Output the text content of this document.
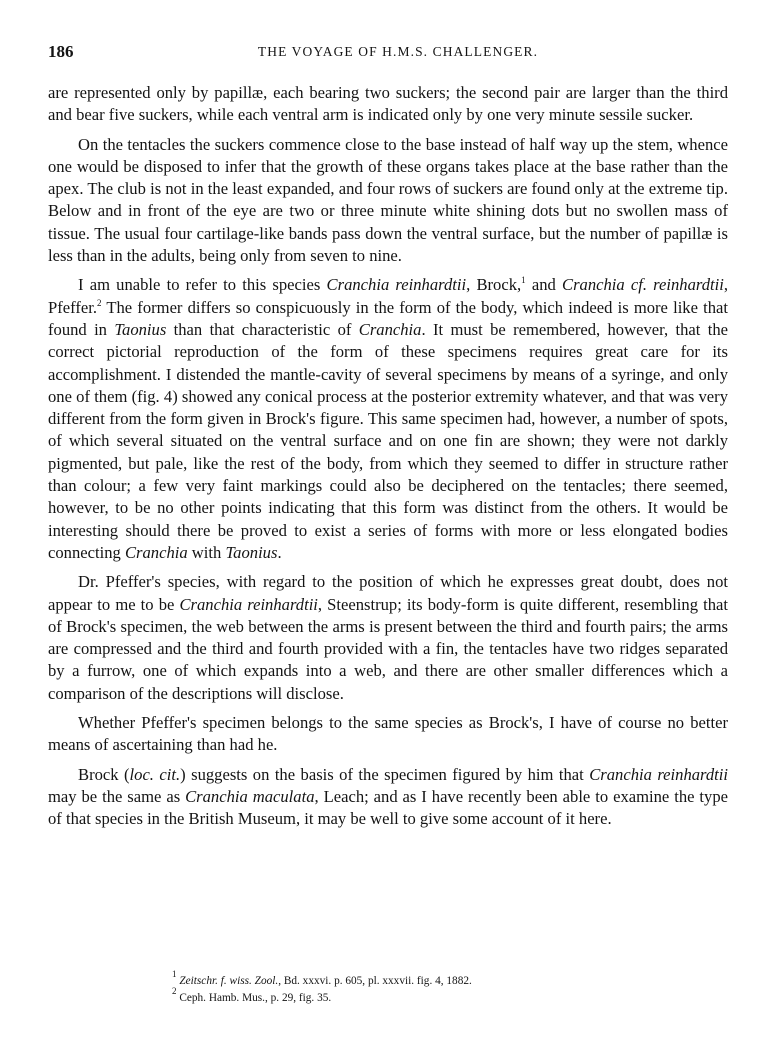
186	THE VOYAGE OF H.M.S. CHALLENGER.

are represented only by papillæ, each bearing two suckers; the second pair are larger than the third and bear five suckers, while each ventral arm is indicated only by one very minute sessile sucker.

On the tentacles the suckers commence close to the base instead of half way up the stem, whence one would be disposed to infer that the growth of these organs takes place at the base rather than the apex. The club is not in the least expanded, and four rows of suckers are found only at the extreme tip. Below and in front of the eye are two or three minute white shining dots but no swollen mass of tissue. The usual four cartilage-like bands pass down the ventral surface, but the number of papillæ is less than in the adults, being only from seven to nine.

I am unable to refer to this species Cranchia reinhardtii, Brock,$^1$ and Cranchia cf. reinhardtii, Pfeffer.$^2$ The former differs so conspicuously in the form of the body, which indeed is more like that found in Taonius than that characteristic of Cranchia. It must be remembered, however, that the correct pictorial reproduction of the form of these specimens requires great care for its accomplishment. I distended the mantle-cavity of several specimens by means of a syringe, and only one of them (fig. 4) showed any conical process at the posterior extremity whatever, and that was very different from the form given in Brock's figure. This same specimen had, however, a number of spots, of which several situated on the ventral surface and on one fin are shown; they were not darkly pigmented, but pale, like the rest of the body, from which they seemed to differ in structure rather than colour; a few very faint markings could also be deciphered on the tentacles; there seemed, however, to be no other points indicating that this form was distinct from the others. It would be interesting should there be proved to exist a series of forms with more or less elongated bodies connecting Cranchia with Taonius.

Dr. Pfeffer's species, with regard to the position of which he expresses great doubt, does not appear to me to be Cranchia reinhardtii, Steenstrup; its body-form is quite different, resembling that of Brock's specimen, the web between the arms is present between the third and fourth pairs; the arms are compressed and the third and fourth provided with a fin, the tentacles have two ridges separated by a furrow, one of which expands into a web, and there are other smaller differences which a comparison of the descriptions will disclose.

Whether Pfeffer's specimen belongs to the same species as Brock's, I have of course no better means of ascertaining than had he.

Brock (loc. cit.) suggests on the basis of the specimen figured by him that Cranchia reinhardtii may be the same as Cranchia maculata, Leach; and as I have recently been able to examine the type of that species in the British Museum, it may be well to give some account of it here.

$^1$ Zeitschr. f. wiss. Zool., Bd. xxxvi. p. 605, pl. xxxvii. fig. 4, 1882.
$^2$ Ceph. Hamb. Mus., p. 29, fig. 35.
